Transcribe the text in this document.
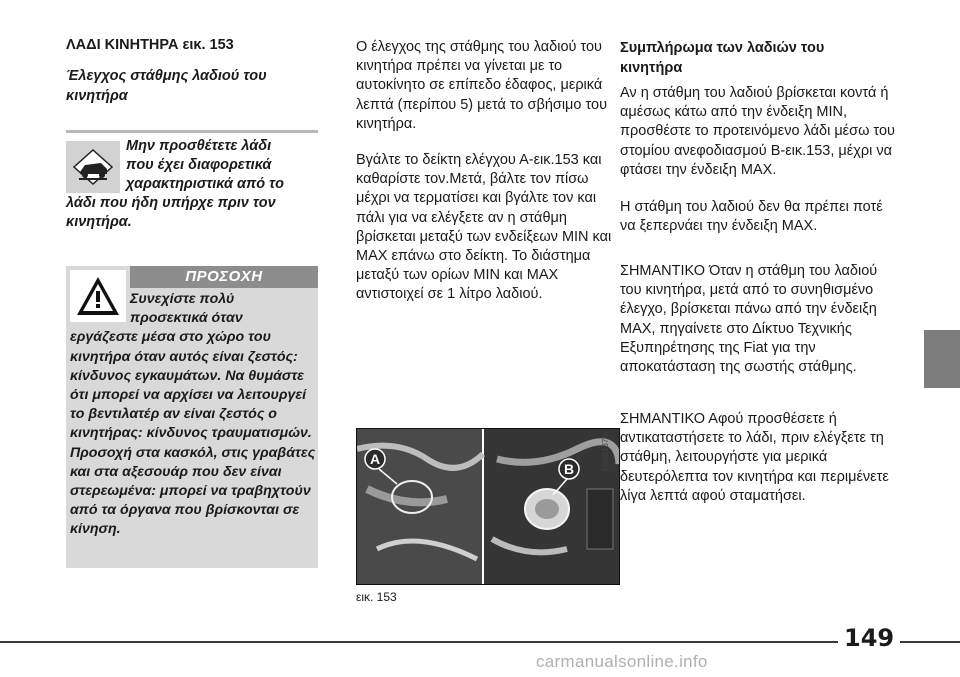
ΛΑΔΙ ΚΙΝΗΤΗΡΑ εικ. 153

Έλεγχος στάθμης λαδιού του κινητήρα

Μην προσθέτετε λάδι
που έχει διαφορετικά
χαρακτηριστικά από το
λάδι που ήδη υπήρχε πριν τον κινητήρα.
ΠΡΟΣΟΧΗ
Συνεχίστε πολύ
προσεκτικά όταν
εργάζεστε μέσα στο χώρο του κινητήρα όταν αυτός είναι ζεστός: κίνδυνος εγκαυμάτων. Να θυμάστε ότι μπορεί να αρχίσει να λειτουργεί το βεντιλατέρ αν είναι ζεστός ο κινητήρας: κίνδυνος τραυματισμών. Προσοχή στα κασκόλ, στις γραβάτες και στα αξεσουάρ που δεν είναι στερεωμένα: μπορεί να τραβηχτούν από τα όργανα που βρίσκονται σε κίνηση.

Ο έλεγχος της στάθμης του λαδιού του κινητήρα πρέπει να γίνεται με το αυτοκίνητο σε επίπεδο έδαφος, μερικά λεπτά (περίπου 5) μετά το σβήσιμο του κινητήρα.

Βγάλτε το δείκτη ελέγχου Α-εικ.153 και καθαρίστε τον.Μετά, βάλτε τον πίσω μέχρι να τερματίσει και βγάλτε τον και πάλι για να ελέγξετε αν η στάθμη βρίσκεται μεταξύ των ενδείξεων MIN και MAX επάνω στο δείκτη. Το διάστημα μεταξύ των ορίων MIN και MAX αντιστοιχεί σε 1 λίτρο λαδιού.

A
B	F0X0137m
εικ. 153

Συμπλήρωμα των λαδιών του κινητήρα

Αν η στάθμη του λαδιού βρίσκεται κοντά ή αμέσως κάτω από την ένδειξη MIN, προσθέστε το προτεινόμενο λάδι μέσω του στομίου ανεφοδιασμού Β-εικ.153, μέχρι να φτάσει την ένδειξη MAX.

Η στάθμη του λαδιού δεν θα πρέπει ποτέ να ξεπερνάει την ένδειξη MAX.

ΣΗΜΑΝΤΙΚΟ Όταν η στάθμη του λαδιού του κινητήρα, μετά από το συνηθισμένο έλεγχο, βρίσκεται πάνω από την ένδειξη MAX, πηγαίνετε στο Δίκτυο Τεχνικής Εξυπηρέτησης της Fiat για την αποκατάσταση της σωστής στάθμης.

ΣΗΜΑΝΤΙΚΟ Αφού προσθέσετε ή αντικαταστήσετε το λάδι, πριν ελέγξετε τη στάθμη, λειτουργήστε για μερικά δευτερόλεπτα τον κινητήρα και περιμένετε λίγα λεπτά αφού σταματήσει.

149
carmanualsonline.info
